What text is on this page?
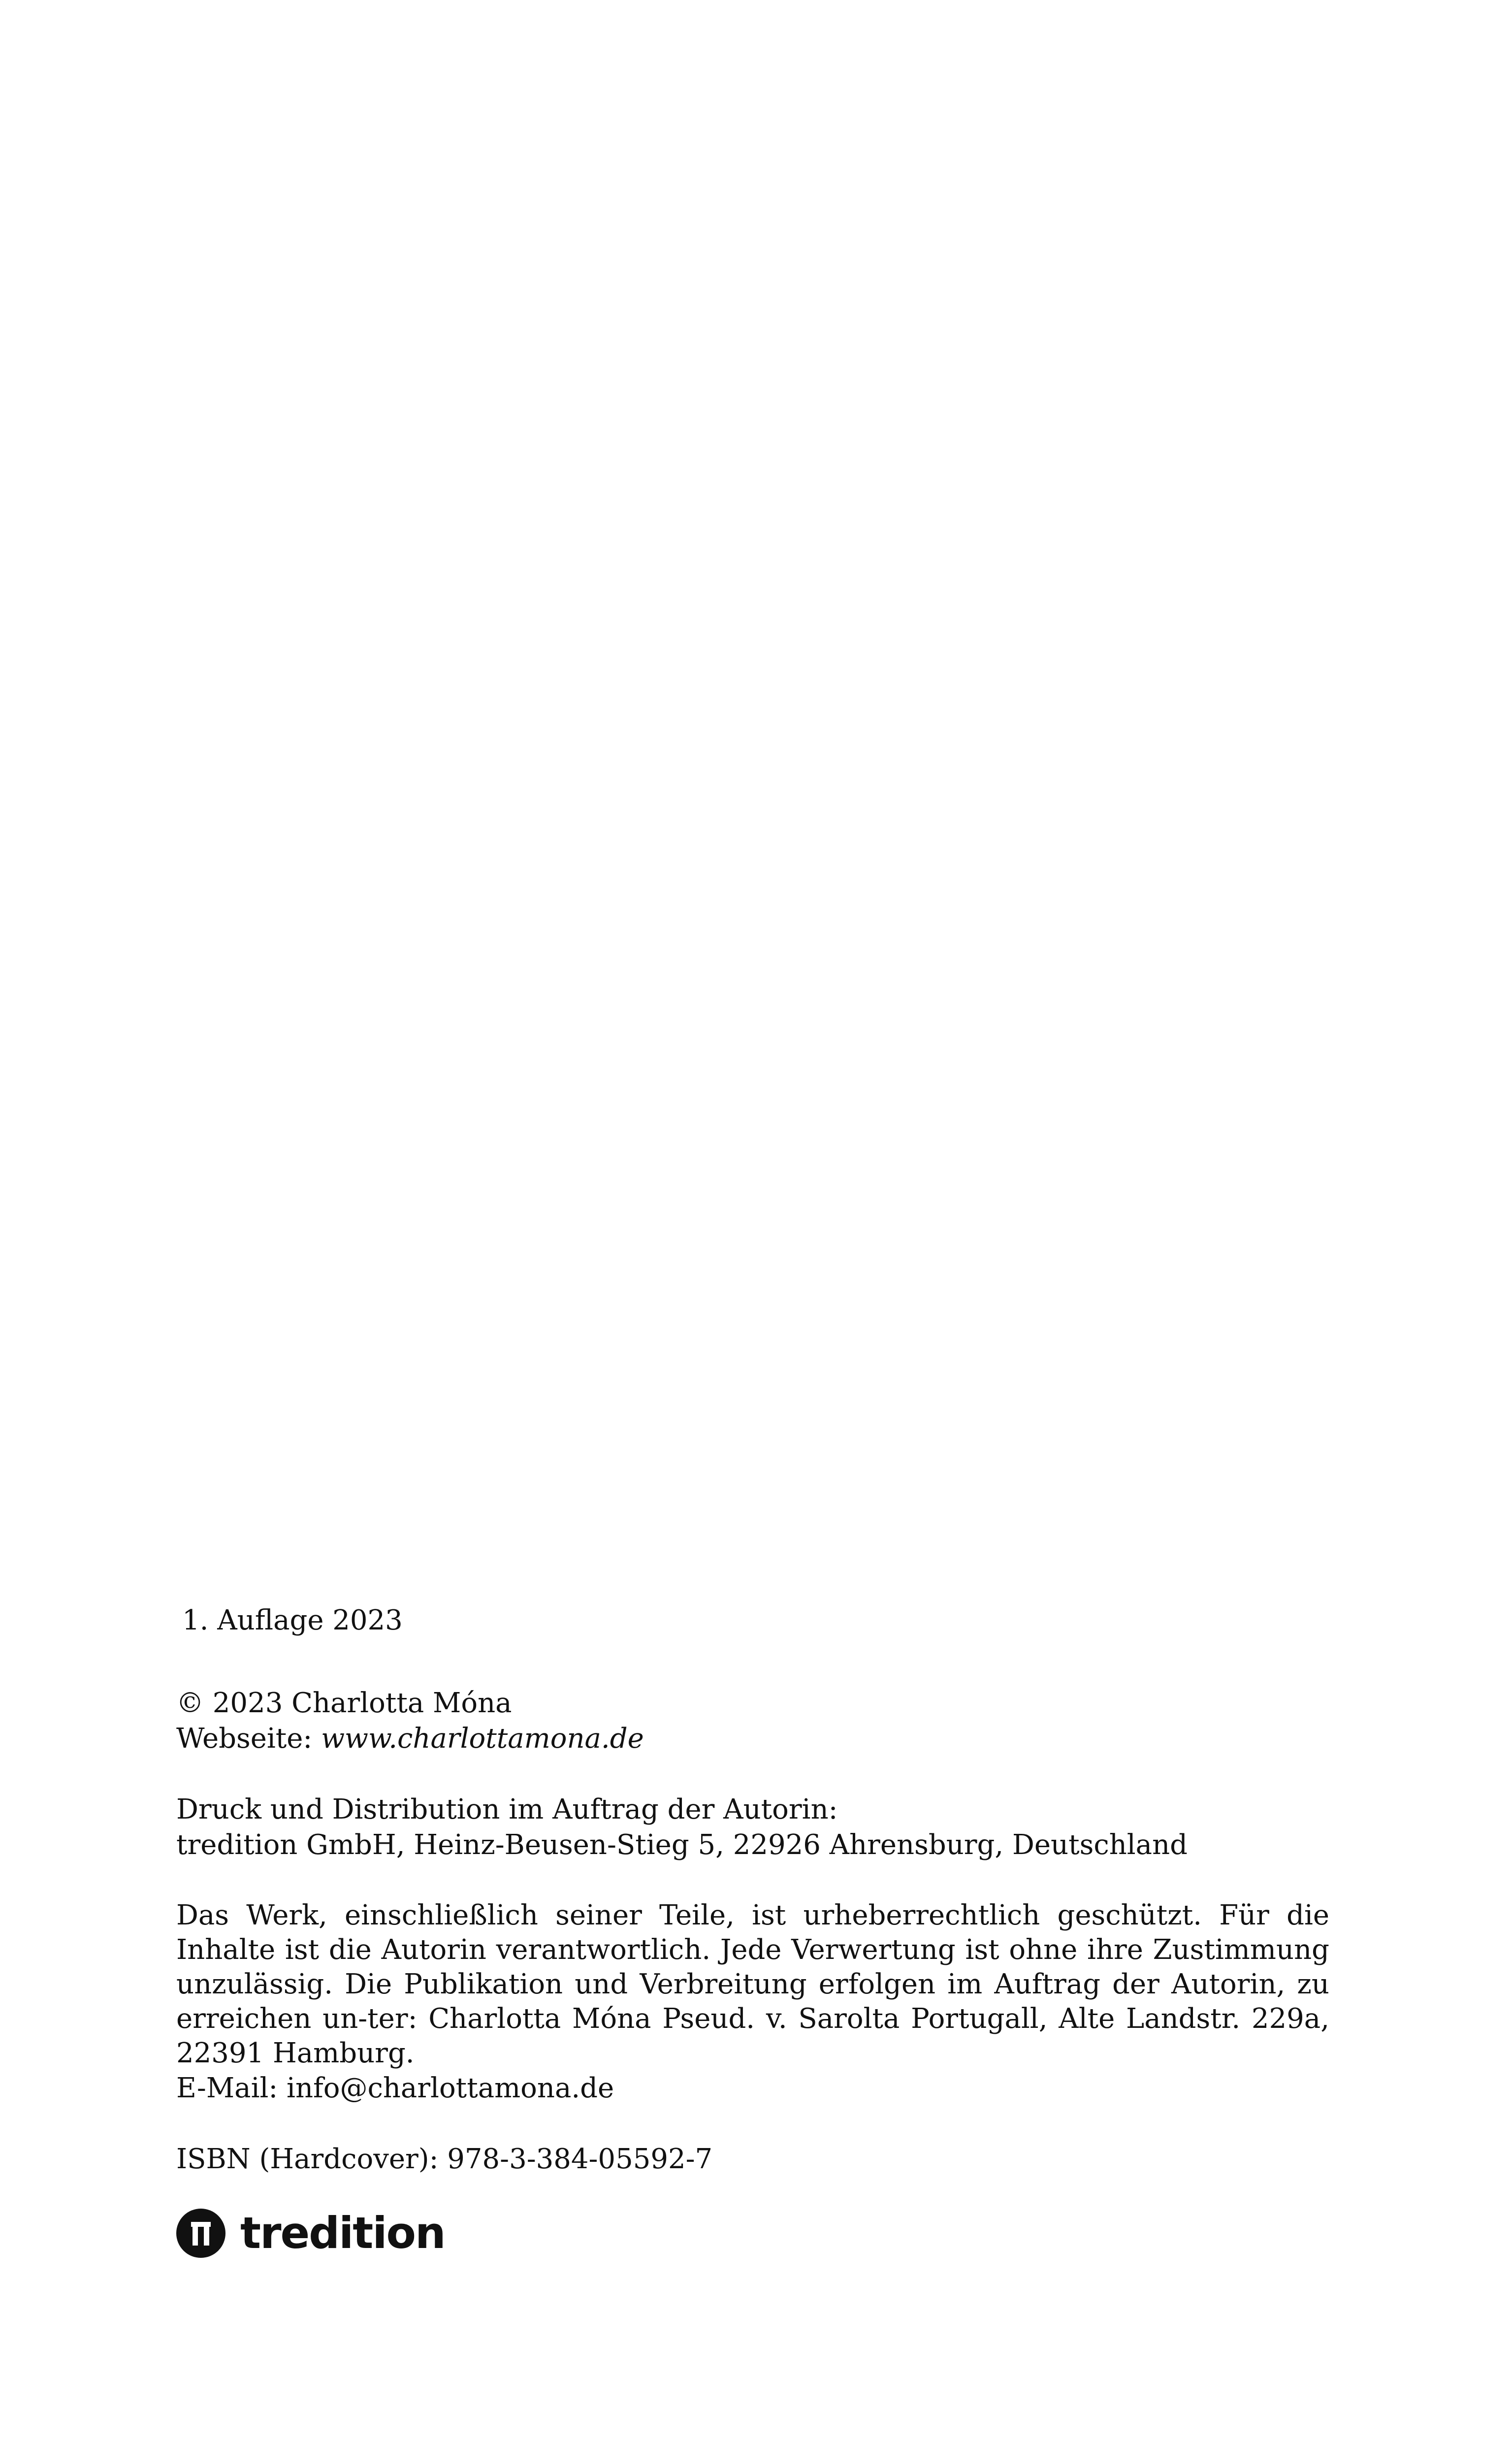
1. Auflage 2023
© 2023 Charlotta Móna
Webseite: www.charlottamona.de
Druck und Distribution im Auftrag der Autorin:
tredition GmbH, Heinz-Beusen-Stieg 5, 22926 Ahrensburg, Deutschland
Das Werk, einschließlich seiner Teile, ist urheberrechtlich geschützt. Für die Inhalte ist die Autorin verantwortlich. Jede Verwertung ist ohne ihre Zustimmung unzulässig. Die Publikation und Verbreitung erfolgen im Auftrag der Autorin, zu erreichen un-ter: Charlotta Móna Pseud. v. Sarolta Portugall, Alte Landstr. 229a, 22391 Hamburg.
E-Mail: info@charlottamona.de
ISBN (Hardcover): 978-3-384-05592-7
tredition
